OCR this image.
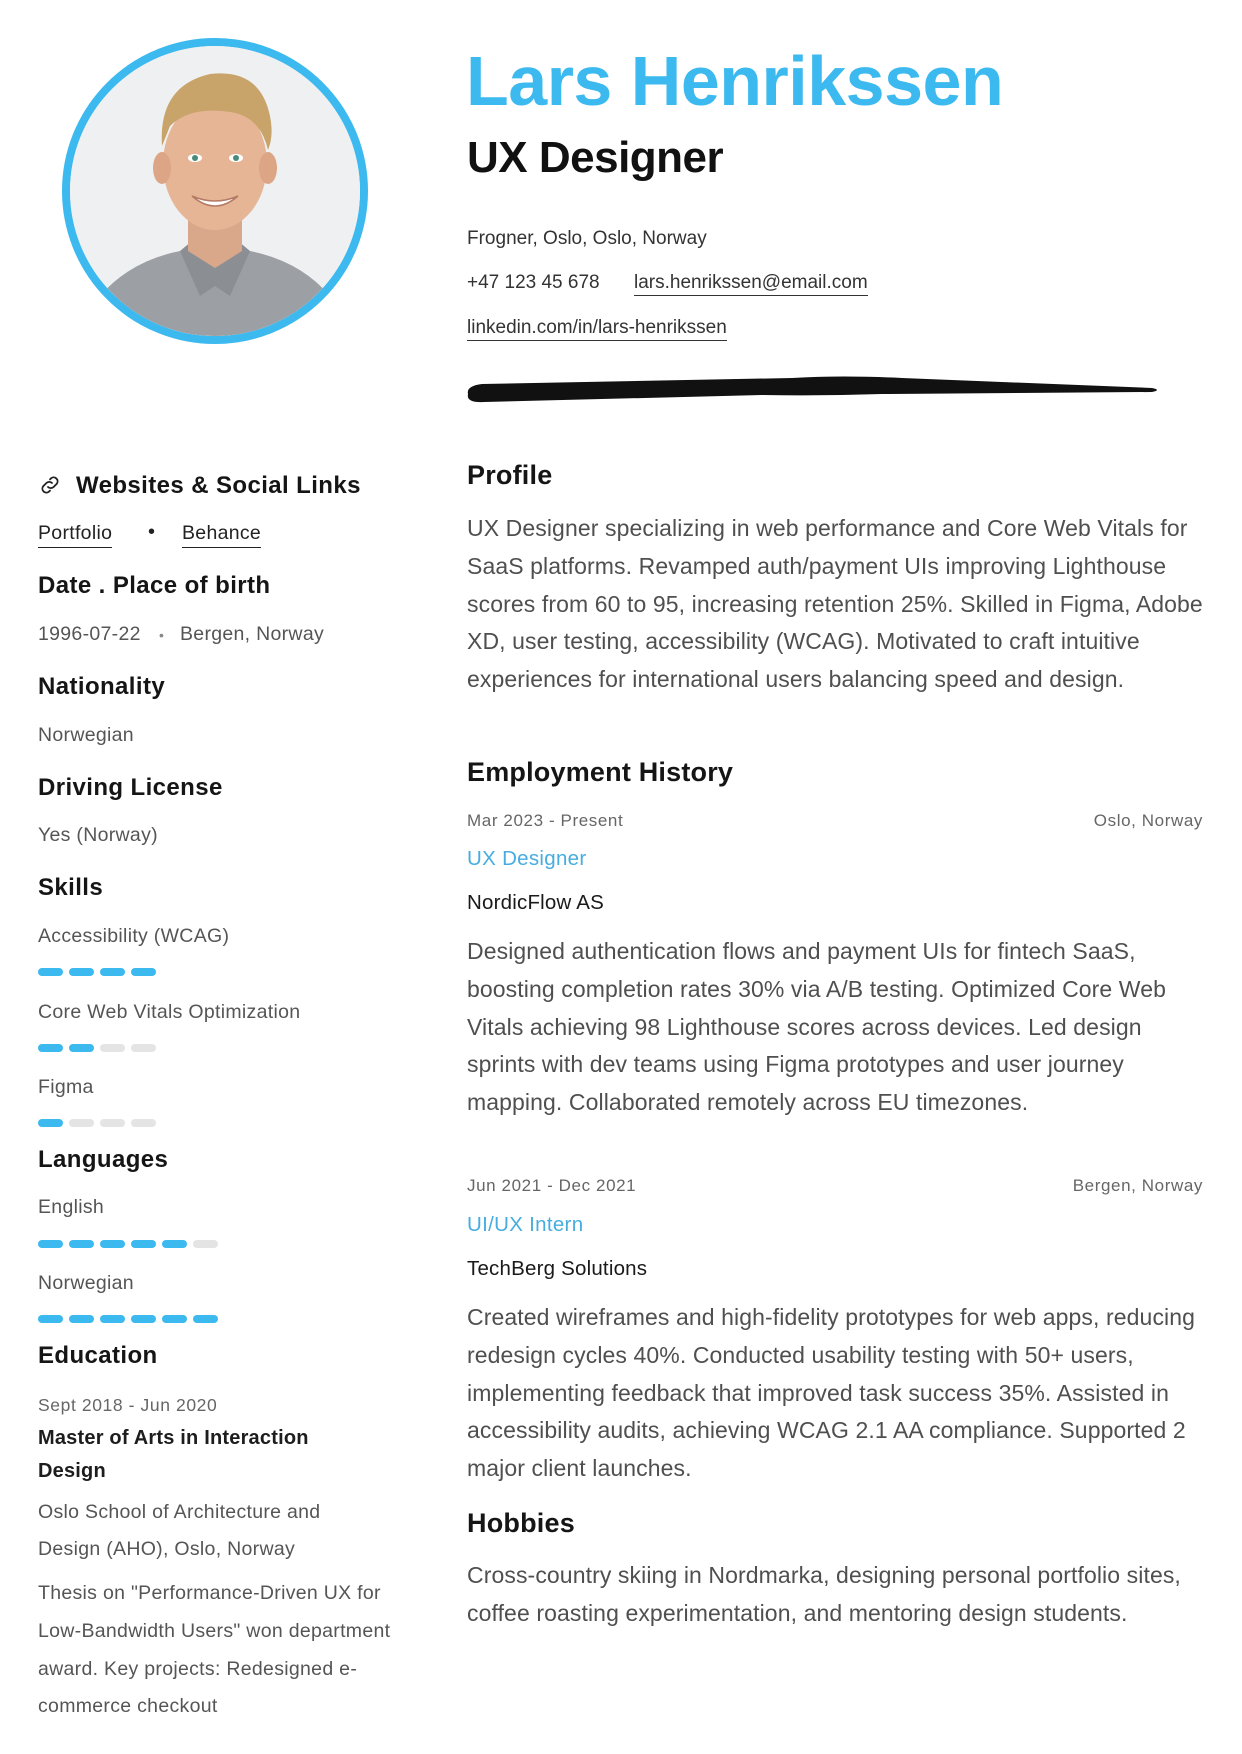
Lars Henrikssen
UX Designer
Frogner, Oslo, Oslo, Norway
+47 123 45 678 lars.henrikssen@email.com
linkedin.com/in/lars-henrikssen
Websites & Social Links
Portfolio • Behance
Date . Place of birth
1996-07-22 • Bergen, Norway
Nationality
Norwegian
Driving License
Yes (Norway)
Skills
Accessibility (WCAG)
Core Web Vitals Optimization
Figma
Languages
English
Norwegian
Education
Sept 2018 - Jun 2020
Master of Arts in Interaction Design
Oslo School of Architecture and Design (AHO), Oslo, Norway
Thesis on "Performance-Driven UX for Low-Bandwidth Users" won department award. Key projects: Redesigned e-commerce checkout
Profile
UX Designer specializing in web performance and Core Web Vitals for SaaS platforms. Revamped auth/payment UIs improving Lighthouse scores from 60 to 95, increasing retention 25%. Skilled in Figma, Adobe XD, user testing, accessibility (WCAG). Motivated to craft intuitive experiences for international users balancing speed and design.
Employment History
Mar 2023 - Present	Oslo, Norway
UX Designer
NordicFlow AS
Designed authentication flows and payment UIs for fintech SaaS, boosting completion rates 30% via A/B testing. Optimized Core Web Vitals achieving 98 Lighthouse scores across devices. Led design sprints with dev teams using Figma prototypes and user journey mapping. Collaborated remotely across EU timezones.
Jun 2021 - Dec 2021	Bergen, Norway
UI/UX Intern
TechBerg Solutions
Created wireframes and high-fidelity prototypes for web apps, reducing redesign cycles 40%. Conducted usability testing with 50+ users, implementing feedback that improved task success 35%. Assisted in accessibility audits, achieving WCAG 2.1 AA compliance. Supported 2 major client launches.
Hobbies
Cross-country skiing in Nordmarka, designing personal portfolio sites, coffee roasting experimentation, and mentoring design students.
